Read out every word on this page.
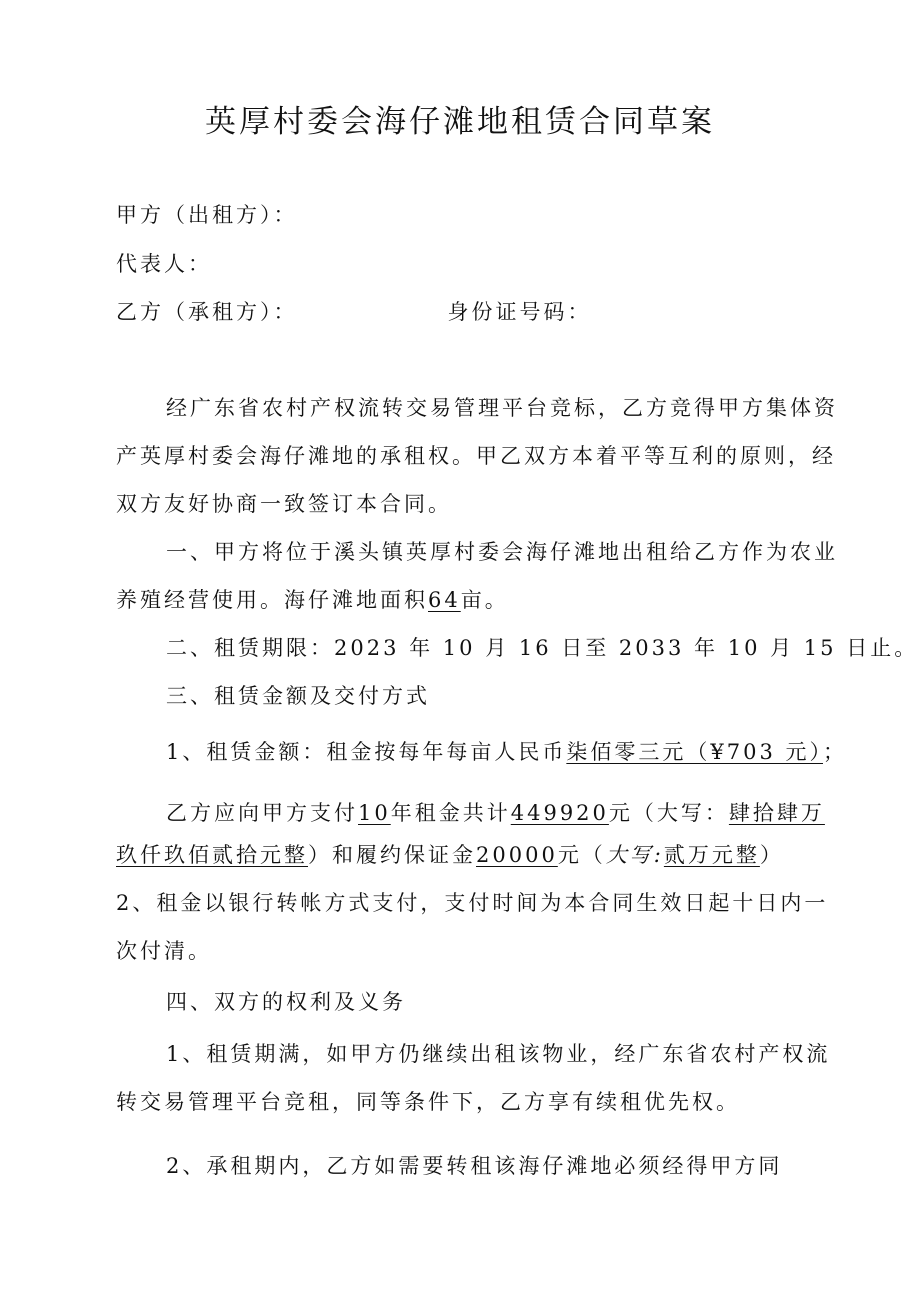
英厚村委会海仔滩地租赁合同草案
甲方（出租方）：
代表人：
乙方（承租方）：	身份证号码：
经广东省农村产权流转交易管理平台竞标，乙方竞得甲方集体资
产英厚村委会海仔滩地的承租权。甲乙双方本着平等互利的原则，经
双方友好协商一致签订本合同。
一、甲方将位于溪头镇英厚村委会海仔滩地出租给乙方作为农业
养殖经营使用。海仔滩地面积64亩。
二、租赁期限：2023 年 10 月 16 日至 2033 年 10 月 15 日止。
三、租赁金额及交付方式
1、租赁金额：租金按每年每亩人民币柒佰零三元（¥703 元）；
乙方应向甲方支付10年租金共计449920元（大写：肆拾肆万
玖仟玖佰贰拾元整）和履约保证金20000元（大写:贰万元整）
2、租金以银行转帐方式支付，支付时间为本合同生效日起十日内一
次付清。
四、双方的权利及义务
1、租赁期满，如甲方仍继续出租该物业，经广东省农村产权流
转交易管理平台竞租，同等条件下，乙方享有续租优先权。
2、承租期内，乙方如需要转租该海仔滩地必须经得甲方同
